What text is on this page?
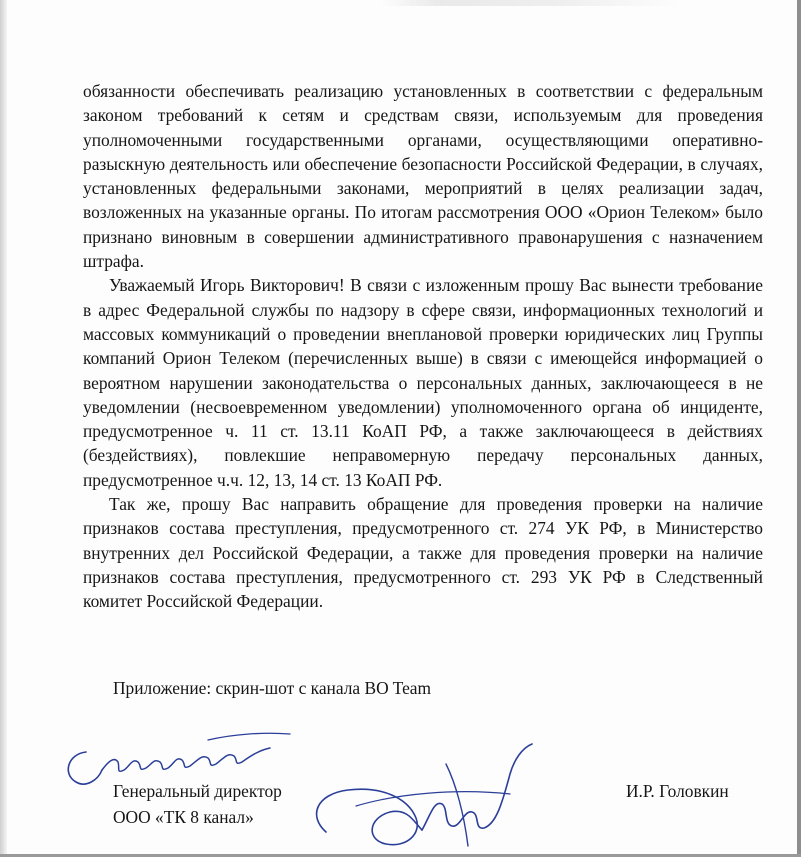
обязанности обеспечивать реализацию установленных в соответствии с федеральным законом требований к сетям и средствам связи, используемым для проведения уполномоченными государственными органами, осуществляющими оперативно-разыскную деятельность или обеспечение безопасности Российской Федерации, в случаях, установленных федеральными законами, мероприятий в целях реализации задач, возложенных на указанные органы. По итогам рассмотрения ООО «Орион Телеком» было признано виновным в совершении административного правонарушения с назначением штрафа.

Уважаемый Игорь Викторович! В связи с изложенным прошу Вас вынести требование в адрес Федеральной службы по надзору в сфере связи, информационных технологий и массовых коммуникаций о проведении внеплановой проверки юридических лиц Группы компаний Орион Телеком (перечисленных выше) в связи с имеющейся информацией о вероятном нарушении законодательства о персональных данных, заключающееся в не уведомлении (несвоевременном уведомлении) уполномоченного органа об инциденте, предусмотренное ч. 11 ст. 13.11 КоАП РФ, а также заключающееся в действиях (бездействиях), повлекшие неправомерную передачу персональных данных, предусмотренное ч.ч. 12, 13, 14 ст. 13 КоАП РФ.

Так же, прошу Вас направить обращение для проведения проверки на наличие признаков состава преступления, предусмотренного ст. 274 УК РФ, в Министерство внутренних дел Российской Федерации, а также для проведения проверки на наличие признаков состава преступления, предусмотренного ст. 293 УК РФ в Следственный комитет Российской Федерации.

Приложение: скрин-шот с канала BO Team
Генеральный директор
ООО «ТК 8 канал»
И.Р. Головкин
